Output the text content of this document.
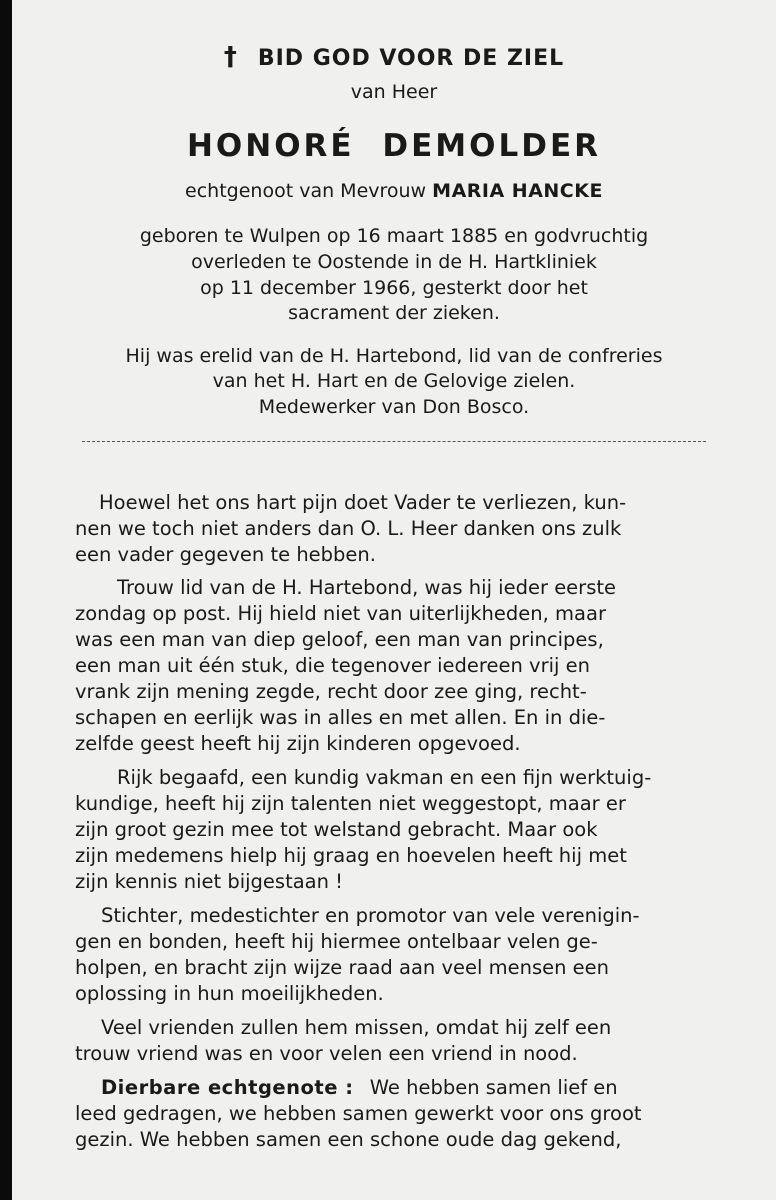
† BID GOD VOOR DE ZIEL
van Heer
HONORÉ DEMOLDER
echtgenoot van Mevrouw MARIA HANCKE
geboren te Wulpen op 16 maart 1885 en godvruchtig
overleden te Oostende in de H. Hartkliniek
op 11 december 1966, gesterkt door het
sacrament der zieken.
Hij was erelid van de H. Hartebond, lid van de confreries
van het H. Hart en de Gelovige zielen.
Medewerker van Don Bosco.
Hoewel het ons hart pijn doet Vader te verliezen, kun-
nen we toch niet anders dan O. L. Heer danken ons zulk
een vader gegeven te hebben.
Trouw lid van de H. Hartebond, was hij ieder eerste
zondag op post. Hij hield niet van uiterlijkheden, maar
was een man van diep geloof, een man van principes,
een man uit één stuk, die tegenover iedereen vrij en
vrank zijn mening zegde, recht door zee ging, recht-
schapen en eerlijk was in alles en met allen. En in die-
zelfde geest heeft hij zijn kinderen opgevoed.
Rijk begaafd, een kundig vakman en een fijn werktuig-
kundige, heeft hij zijn talenten niet weggestopt, maar er
zijn groot gezin mee tot welstand gebracht. Maar ook
zijn medemens hielp hij graag en hoevelen heeft hij met
zijn kennis niet bijgestaan !
Stichter, medestichter en promotor van vele verenigin-
gen en bonden, heeft hij hiermee ontelbaar velen ge-
holpen, en bracht zijn wijze raad aan veel mensen een
oplossing in hun moeilijkheden.
Veel vrienden zullen hem missen, omdat hij zelf een
trouw vriend was en voor velen een vriend in nood.
Dierbare echtgenote : We hebben samen lief en
leed gedragen, we hebben samen gewerkt voor ons groot
gezin. We hebben samen een schone oude dag gekend,
